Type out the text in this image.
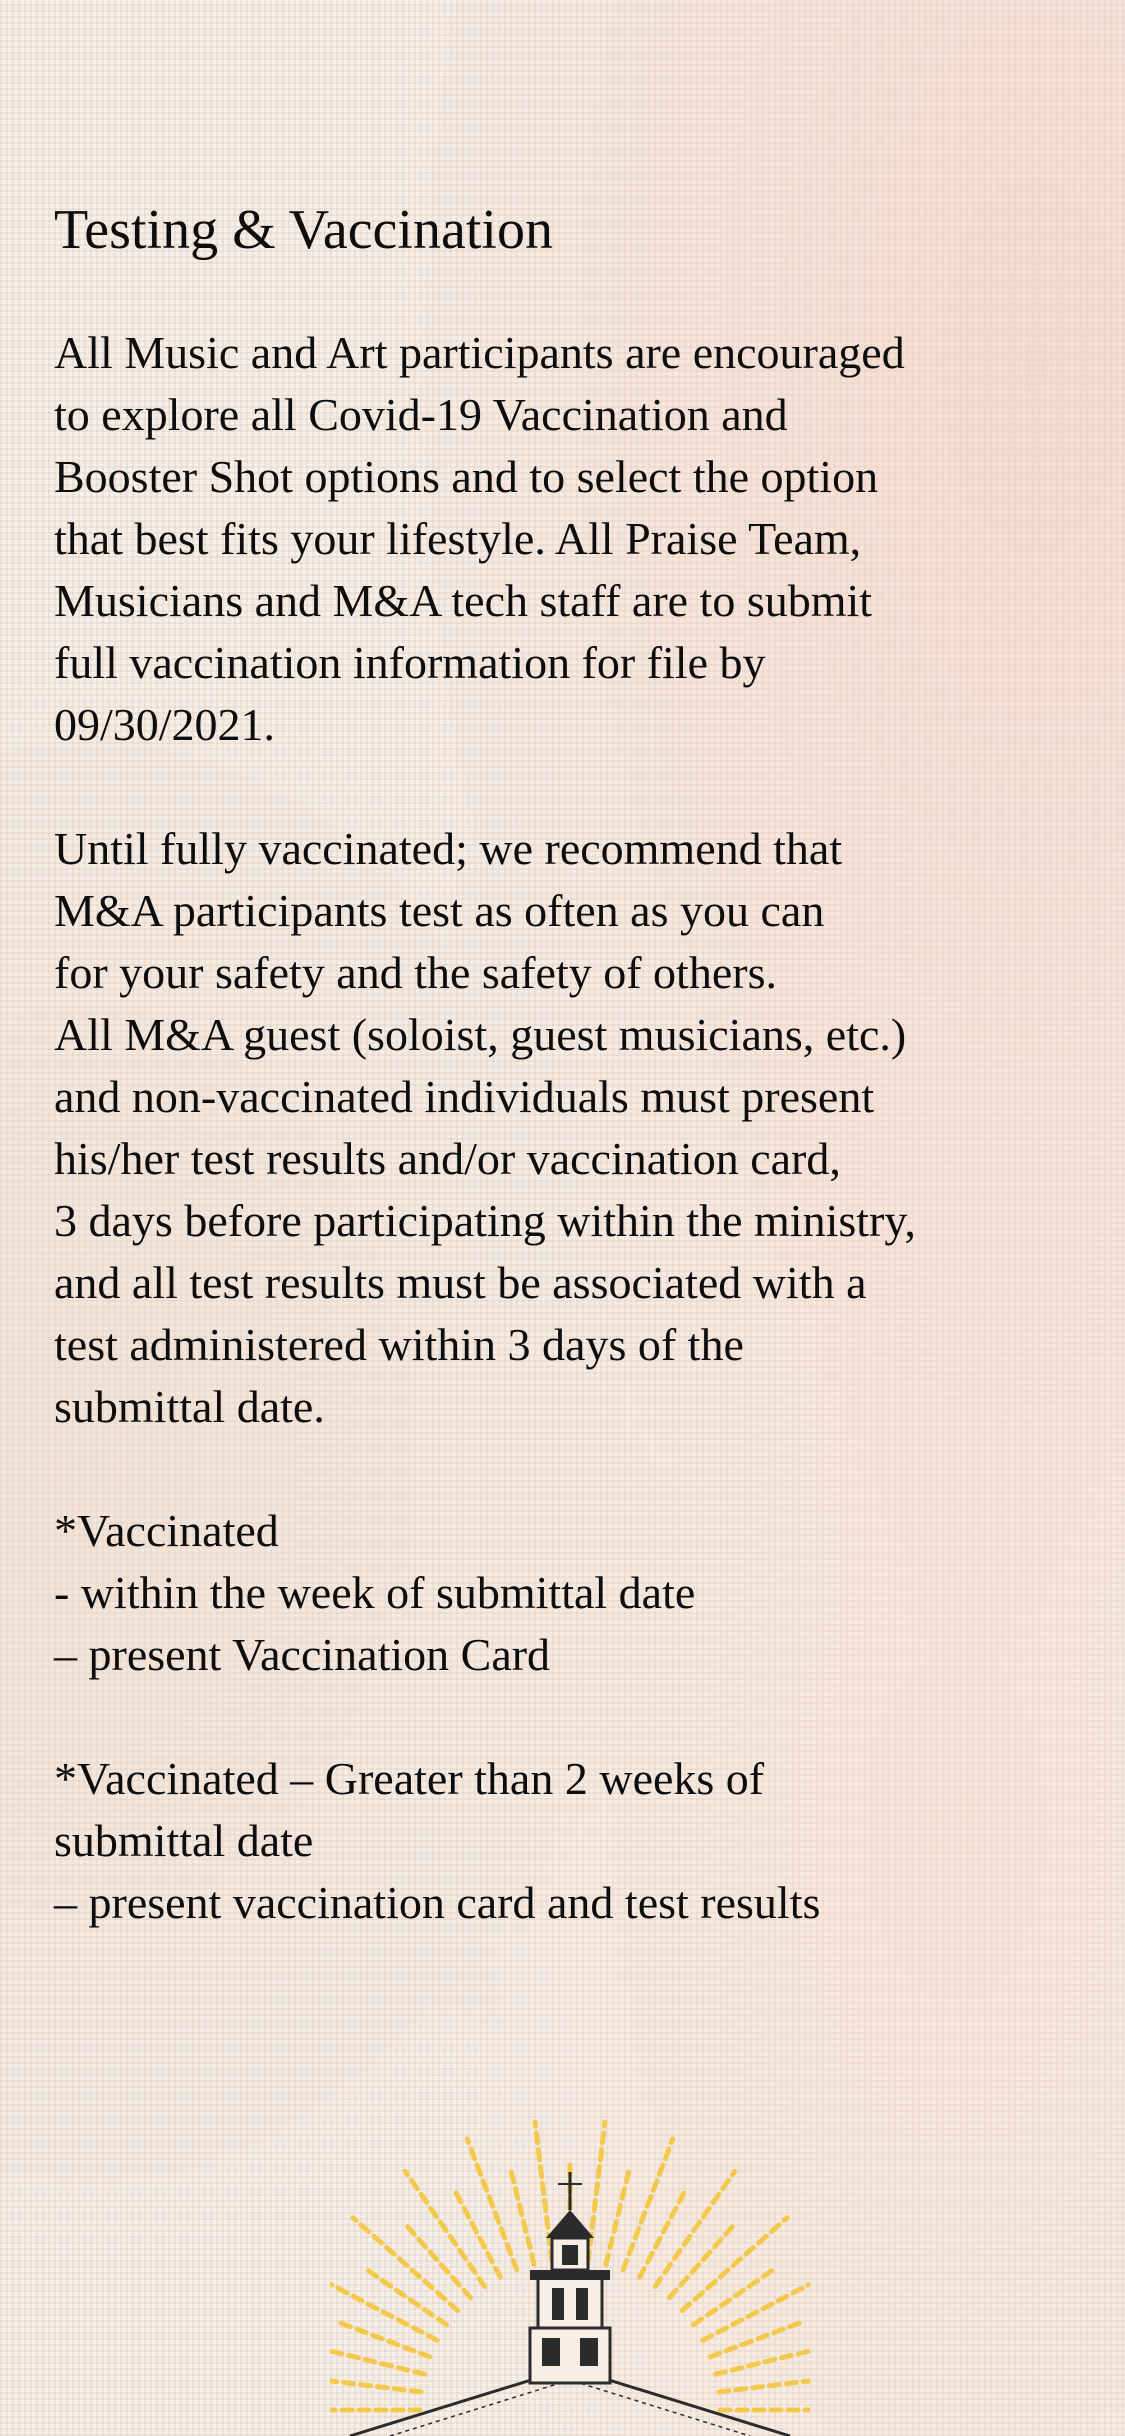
Testing & Vaccination

All Music and Art participants are encouraged
to explore all Covid-19 Vaccination and
Booster Shot options and to select the option
that best fits your lifestyle. All Praise Team,
Musicians and M&A tech staff are to submit
full vaccination information for file by
09/30/2021.

Until fully vaccinated; we recommend that
M&A participants test as often as you can
for your safety and the safety of others.
All M&A guest (soloist, guest musicians, etc.)
and non-vaccinated individuals must present
his/her test results and/or vaccination card,
3 days before participating within the ministry,
and all test results must be associated with a
test administered within 3 days of the
submittal date.

*Vaccinated
- within the week of submittal date
– present Vaccination Card

*Vaccinated – Greater than 2 weeks of
submittal date
– present vaccination card and test results
